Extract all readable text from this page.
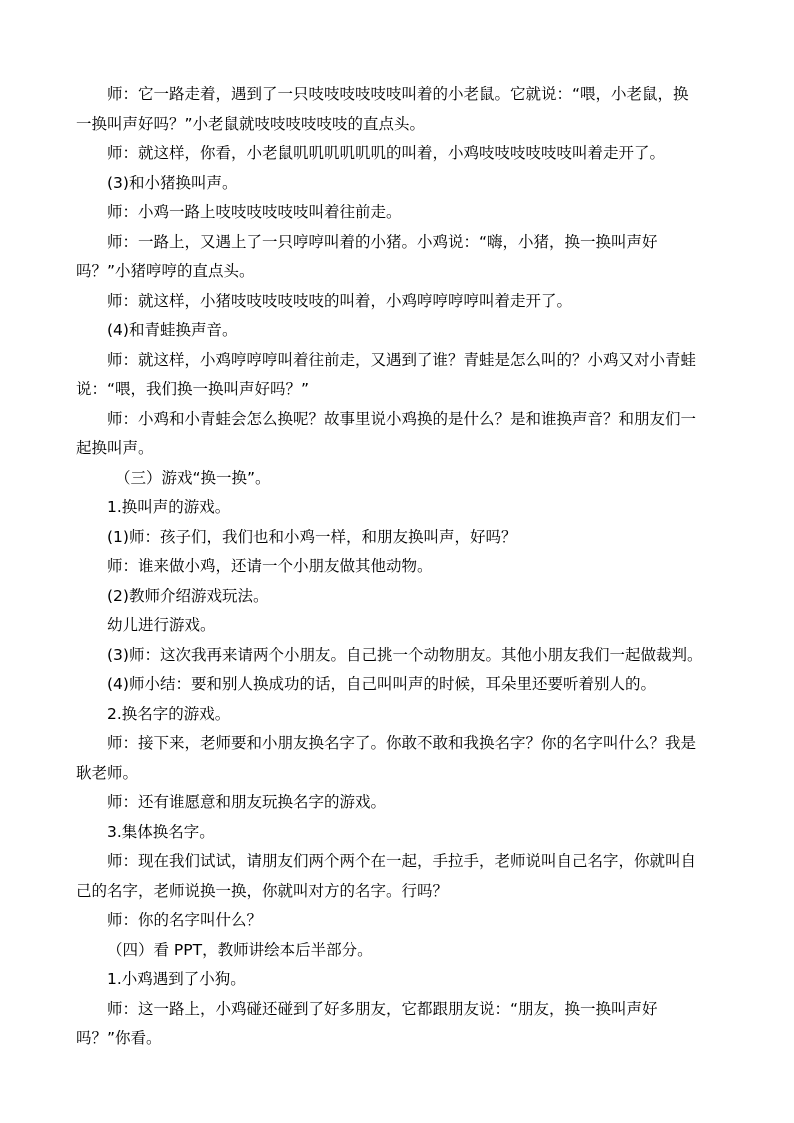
师：它一路走着，遇到了一只吱吱吱吱吱吱叫着的小老鼠。它就说：“喂，小老鼠，换
一换叫声好吗？”小老鼠就吱吱吱吱吱吱的直点头。

师：就这样，你看，小老鼠叽叽叽叽叽叽的叫着，小鸡吱吱吱吱吱吱叫着走开了。

(3)和小猪换叫声。

师：小鸡一路上吱吱吱吱吱吱叫着往前走。

师：一路上，又遇上了一只哼哼叫着的小猪。小鸡说：“嗨，小猪，换一换叫声好
吗？”小猪哼哼的直点头。

师：就这样，小猪吱吱吱吱吱吱的叫着，小鸡哼哼哼哼叫着走开了。

(4)和青蛙换声音。

师：就这样，小鸡哼哼哼叫着往前走，又遇到了谁？青蛙是怎么叫的？小鸡又对小青蛙
说：“喂，我们换一换叫声好吗？”

师：小鸡和小青蛙会怎么换呢？故事里说小鸡换的是什么？是和谁换声音？和朋友们一
起换叫声。

（三）游戏“换一换”。

1.换叫声的游戏。

(1)师：孩子们，我们也和小鸡一样，和朋友换叫声，好吗？

师：谁来做小鸡，还请一个小朋友做其他动物。

(2)教师介绍游戏玩法。

幼儿进行游戏。

(3)师：这次我再来请两个小朋友。自己挑一个动物朋友。其他小朋友我们一起做裁判。

(4)师小结：要和别人换成功的话，自己叫叫声的时候，耳朵里还要听着别人的。

2.换名字的游戏。

师：接下来，老师要和小朋友换名字了。你敢不敢和我换名字？你的名字叫什么？我是
耿老师。

师：还有谁愿意和朋友玩换名字的游戏。

3.集体换名字。

师：现在我们试试，请朋友们两个两个在一起，手拉手，老师说叫自己名字，你就叫自
己的名字，老师说换一换，你就叫对方的名字。行吗？

师：你的名字叫什么？

（四）看 PPT，教师讲绘本后半部分。

1.小鸡遇到了小狗。

师：这一路上，小鸡碰还碰到了好多朋友，它都跟朋友说：“朋友，换一换叫声好
吗？”你看。
